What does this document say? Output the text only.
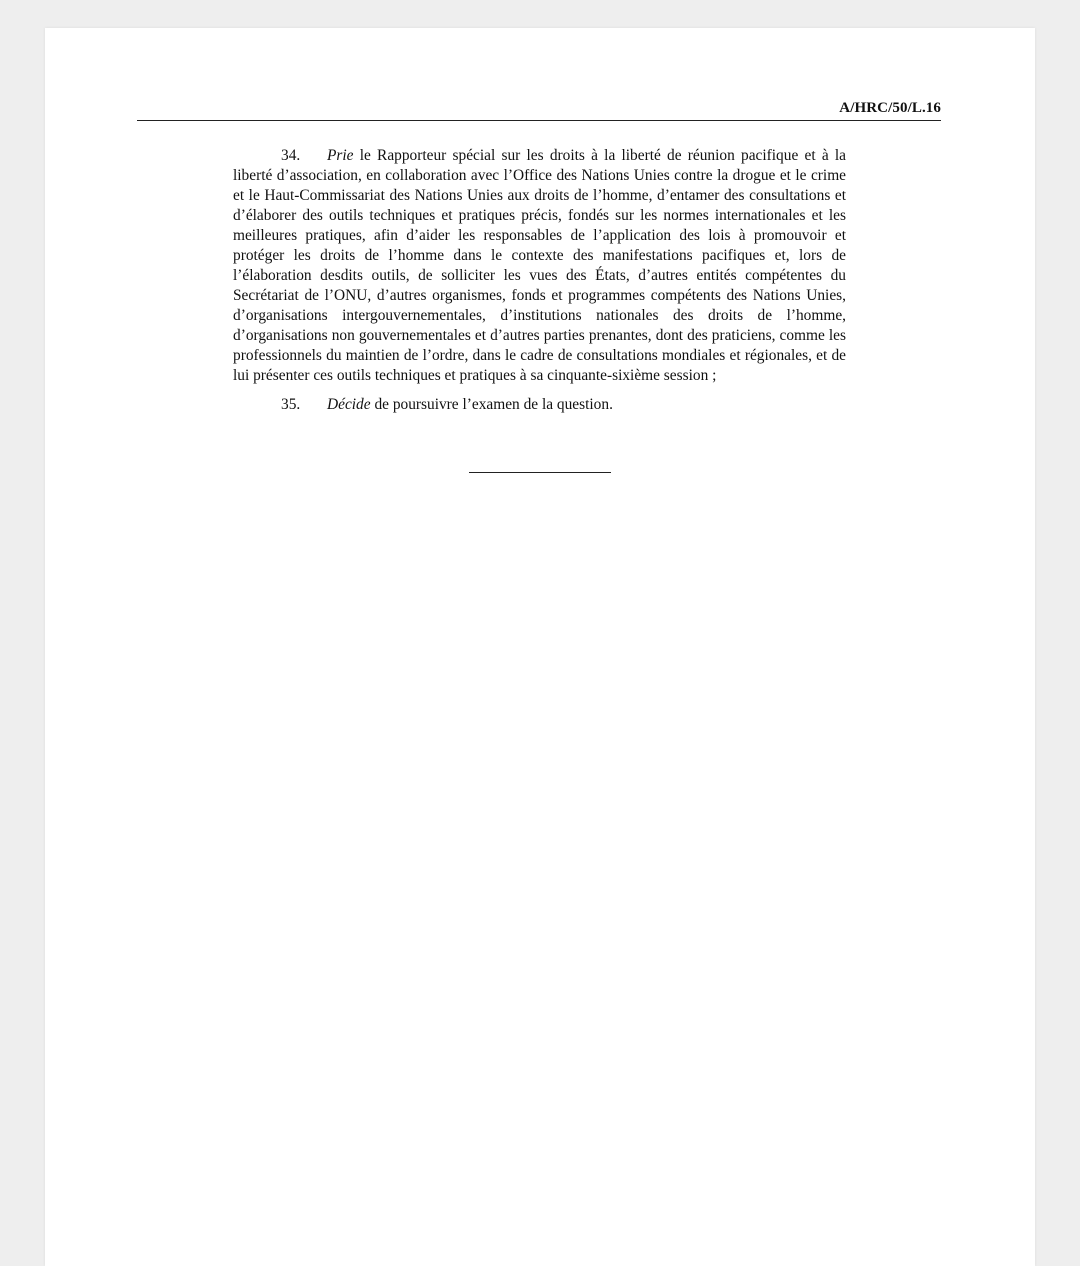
A/HRC/50/L.16

34. Prie le Rapporteur spécial sur les droits à la liberté de réunion pacifique et à la liberté d’association, en collaboration avec l’Office des Nations Unies contre la drogue et le crime et le Haut-Commissariat des Nations Unies aux droits de l’homme, d’entamer des consultations et d’élaborer des outils techniques et pratiques précis, fondés sur les normes internationales et les meilleures pratiques, afin d’aider les responsables de l’application des lois à promouvoir et protéger les droits de l’homme dans le contexte des manifestations pacifiques et, lors de l’élaboration desdits outils, de solliciter les vues des États, d’autres entités compétentes du Secrétariat de l’ONU, d’autres organismes, fonds et programmes compétents des Nations Unies, d’organisations intergouvernementales, d’institutions nationales des droits de l’homme, d’organisations non gouvernementales et d’autres parties prenantes, dont des praticiens, comme les professionnels du maintien de l’ordre, dans le cadre de consultations mondiales et régionales, et de lui présenter ces outils techniques et pratiques à sa cinquante-sixième session ;

35. Décide de poursuivre l’examen de la question.
